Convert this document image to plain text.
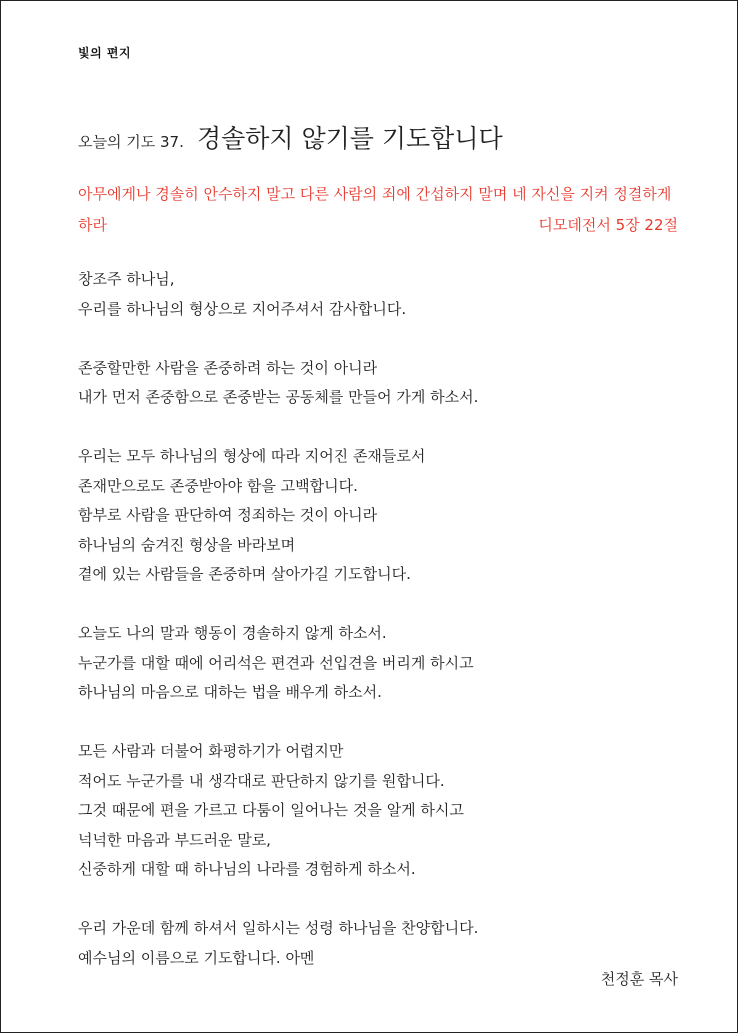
빛의 편지
오늘의 기도 37. 경솔하지 않기를 기도합니다
아무에게나 경솔히 안수하지 말고 다른 사람의 죄에 간섭하지 말며 네 자신을 지켜 정결하게 하라	디모데전서 5장 22절
창조주 하나님,
우리를 하나님의 형상으로 지어주셔서 감사합니다.
존중할만한 사람을 존중하려 하는 것이 아니라
내가 먼저 존중함으로 존중받는 공동체를 만들어 가게 하소서.
우리는 모두 하나님의 형상에 따라 지어진 존재들로서
존재만으로도 존중받아야 함을 고백합니다.
함부로 사람을 판단하여 정죄하는 것이 아니라
하나님의 숨겨진 형상을 바라보며
곁에 있는 사람들을 존중하며 살아가길 기도합니다.
오늘도 나의 말과 행동이 경솔하지 않게 하소서.
누군가를 대할 때에 어리석은 편견과 선입견을 버리게 하시고
하나님의 마음으로 대하는 법을 배우게 하소서.
모든 사람과 더불어 화평하기가 어렵지만
적어도 누군가를 내 생각대로 판단하지 않기를 원합니다.
그것 때문에 편을 가르고 다툼이 일어나는 것을 알게 하시고
넉넉한 마음과 부드러운 말로,
신중하게 대할 때 하나님의 나라를 경험하게 하소서.
우리 가운데 함께 하셔서 일하시는 성령 하나님을 찬양합니다.
예수님의 이름으로 기도합니다. 아멘
천정훈 목사
